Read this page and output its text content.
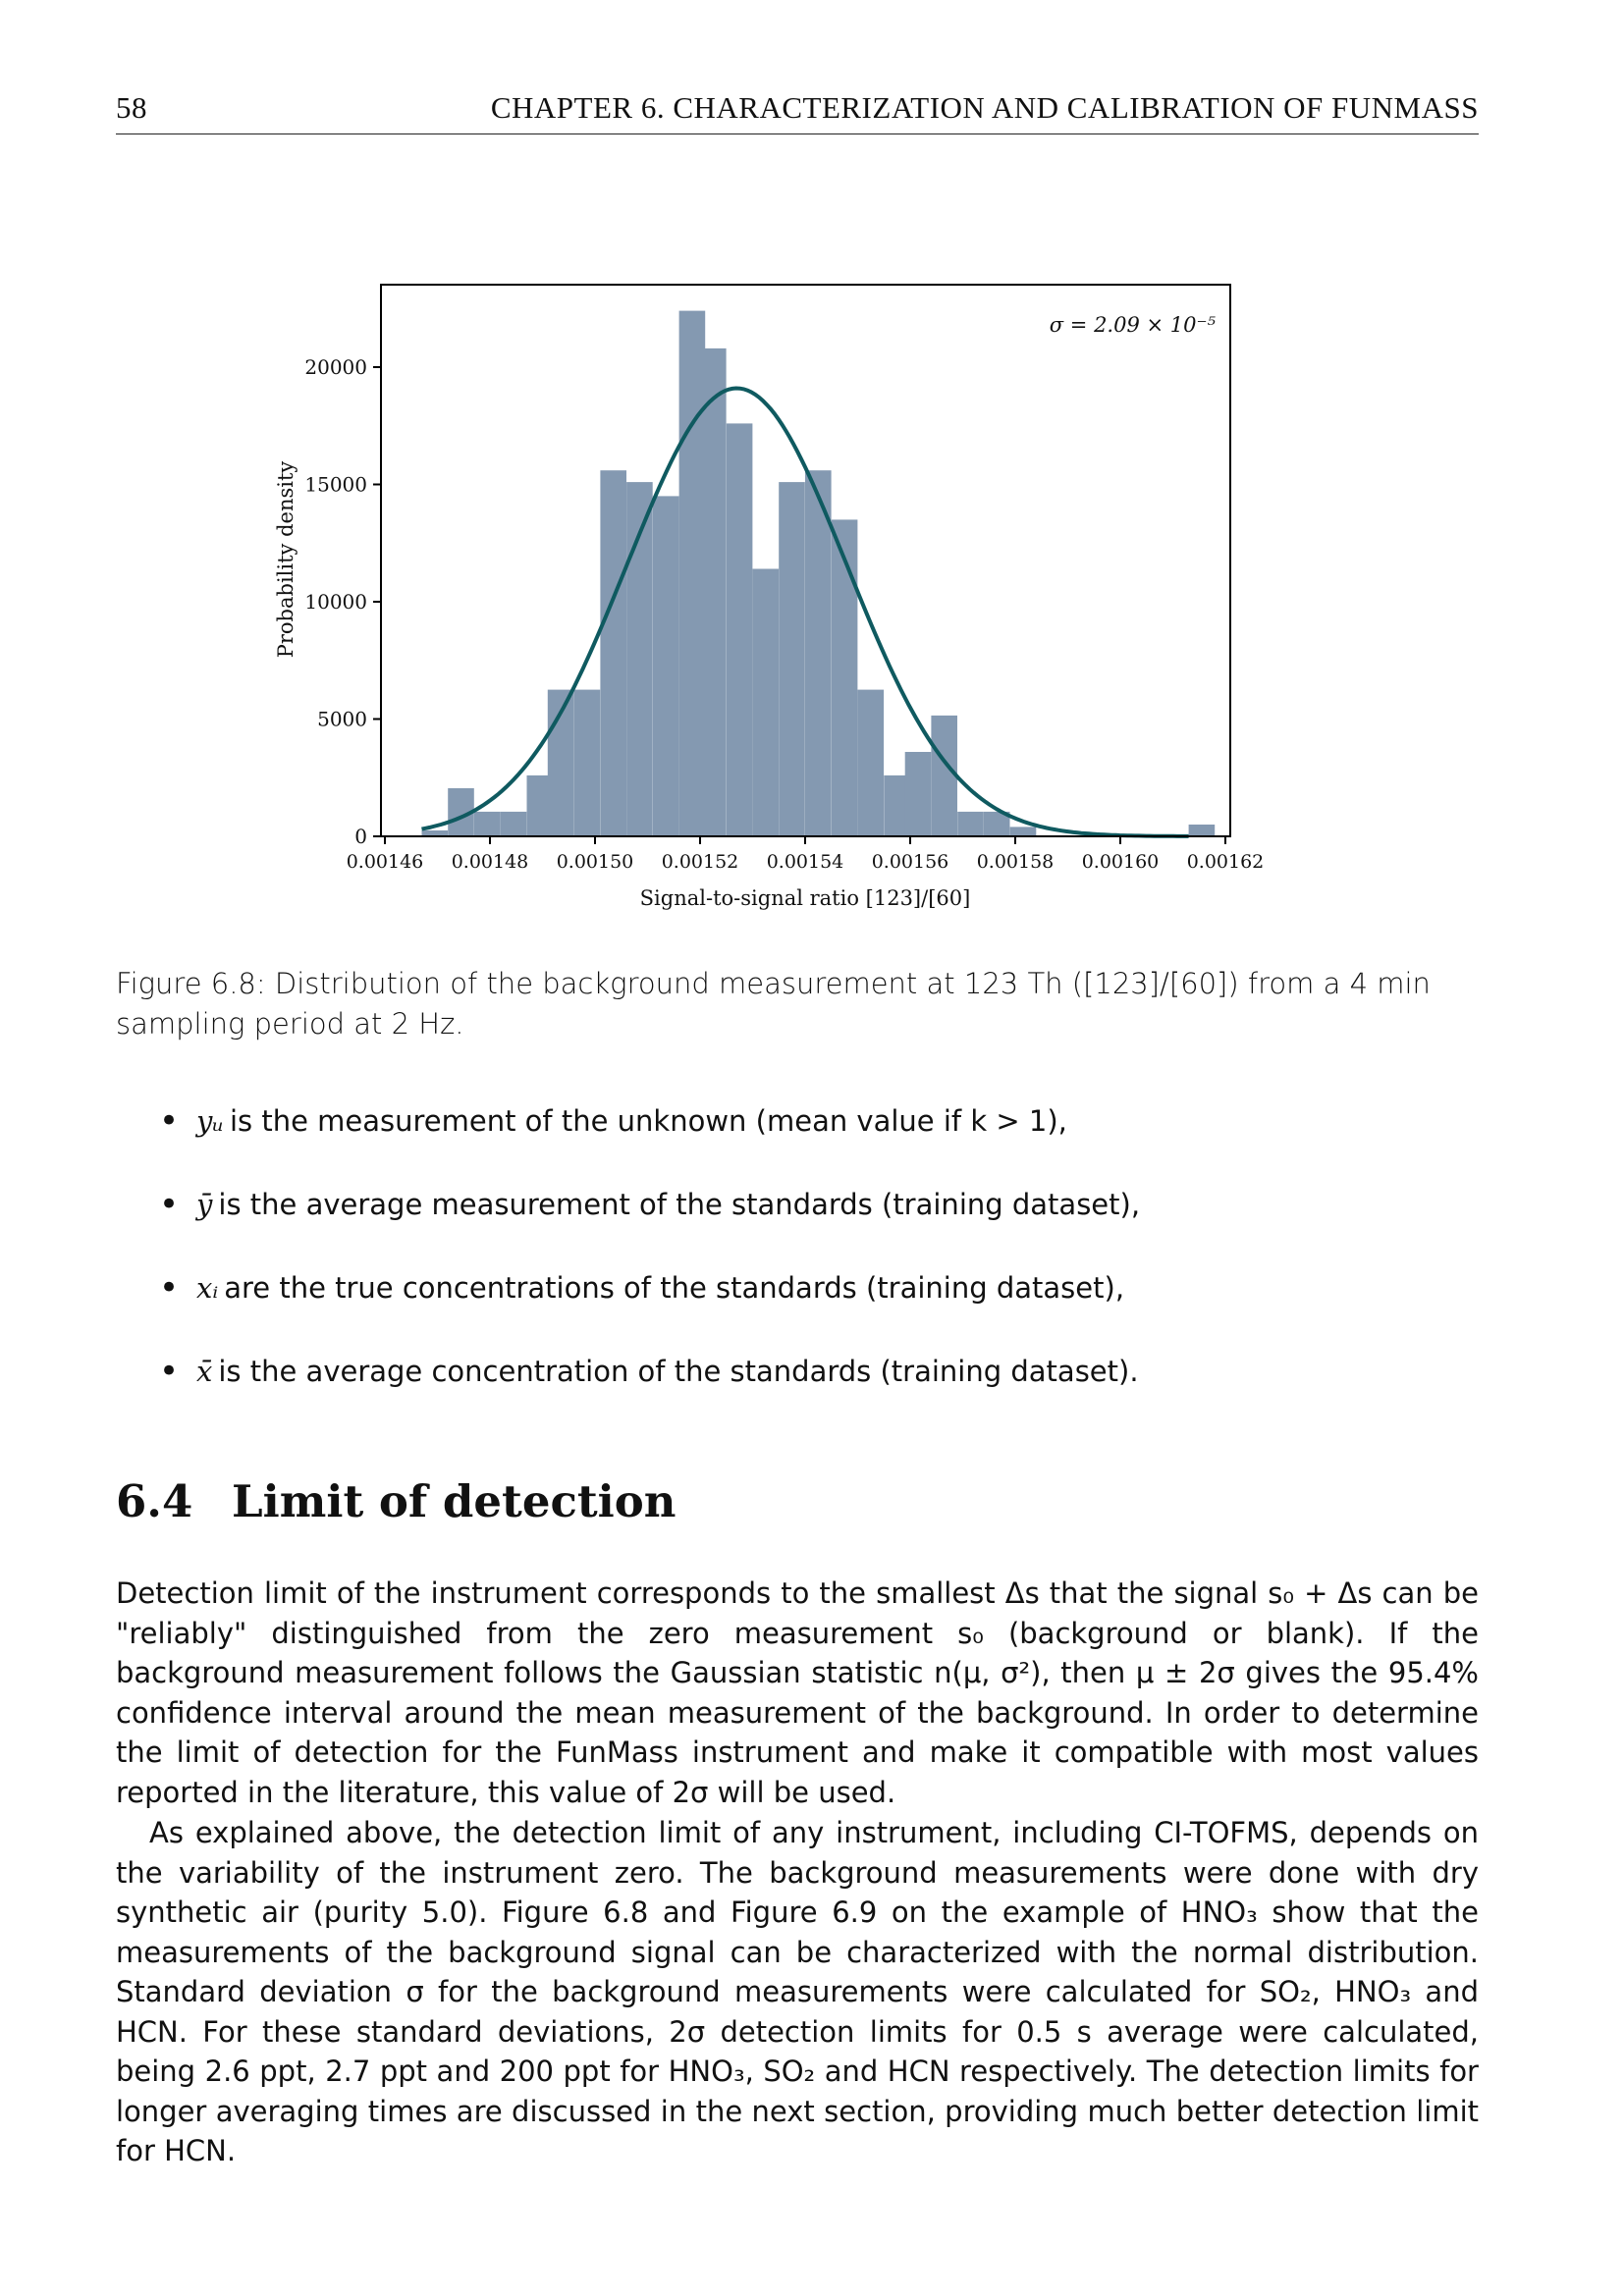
58	CHAPTER 6. CHARACTERIZATION AND CALIBRATION OF FUNMASS
0
5000
10000
15000
20000
0.00146 0.00148 0.00150 0.00152 0.00154 0.00156 0.00158 0.00160 0.00162
Probability density
Signal-to-signal ratio [123]/[60]
σ = 2.09 × 10⁻⁵
Figure 6.8: Distribution of the background measurement at 123 Th ([123]/[60]) from a 4 min sampling period at 2 Hz.
• yᵤ is the measurement of the unknown (mean value if k > 1),
• ȳ is the average measurement of the standards (training dataset),
• xᵢ are the true concentrations of the standards (training dataset),
• x̄ is the average concentration of the standards (training dataset).
6.4 Limit of detection
Detection limit of the instrument corresponds to the smallest Δs that the signal s₀ + Δs can be "reliably" distinguished from the zero measurement s₀ (background or blank). If the background measurement follows the Gaussian statistic n(μ, σ²), then μ ± 2σ gives the 95.4% confidence interval around the mean measurement of the background. In order to determine the limit of detection for the FunMass instrument and make it compatible with most values reported in the literature, this value of 2σ will be used.
As explained above, the detection limit of any instrument, including CI-TOFMS, depends on the variability of the instrument zero. The background measurements were done with dry synthetic air (purity 5.0). Figure 6.8 and Figure 6.9 on the example of HNO₃ show that the measurements of the background signal can be characterized with the normal distribution. Standard deviation σ for the background measurements were calculated for SO₂, HNO₃ and HCN. For these standard deviations, 2σ detection limits for 0.5 s average were calculated, being 2.6 ppt, 2.7 ppt and 200 ppt for HNO₃, SO₂ and HCN respectively. The detection limits for longer averaging times are discussed in the next section, providing much better detection limit for HCN.
